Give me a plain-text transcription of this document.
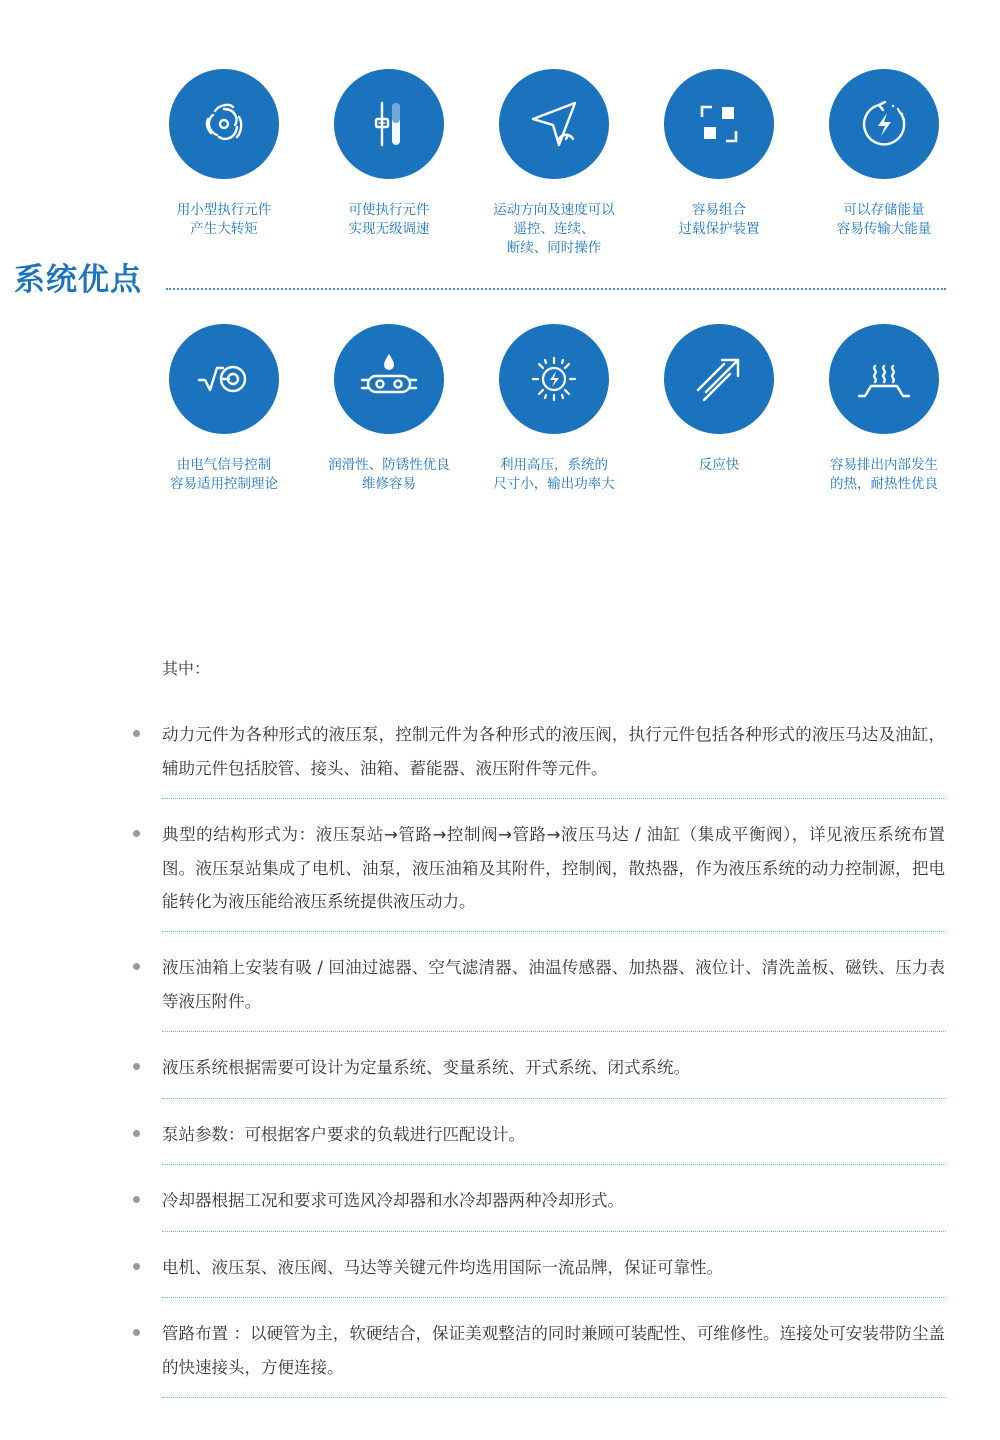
系统优点
用小型执行元件
产生大转矩
可使执行元件
实现无级调速
运动方向及速度可以
遥控、连续、
断续、同时操作
容易组合
过载保护装置
可以存储能量
容易传输大能量
由电气信号控制
容易适用控制理论
润滑性、防锈性优良
维修容易
利用高压，系统的
尺寸小，输出功率大
反应快	容易排出内部发生
的热，耐热性优良
其中：
动力元件为各种形式的液压泵，控制元件为各种形式的液压阀，执行元件包括各种形式的液压马达及油缸，辅助元件包括胶管、接头、油箱、蓄能器、液压附件等元件。
典型的结构形式为：液压泵站→管路→控制阀→管路→液压马达 / 油缸（集成平衡阀），详见液压系统布置图。液压泵站集成了电机、油泵，液压油箱及其附件，控制阀，散热器，作为液压系统的动力控制源，把电能转化为液压能给液压系统提供液压动力。
液压油箱上安装有吸 / 回油过滤器、空气滤清器、油温传感器、加热器、液位计、清洗盖板、磁铁、压力表等液压附件。
液压系统根据需要可设计为定量系统、变量系统、开式系统、闭式系统。
泵站参数：可根据客户要求的负载进行匹配设计。
冷却器根据工况和要求可选风冷却器和水冷却器两种冷却形式。
电机、液压泵、液压阀、马达等关键元件均选用国际一流品牌，保证可靠性。
管路布置 ：以硬管为主，软硬结合，保证美观整洁的同时兼顾可装配性、可维修性。连接处可安装带防尘盖的快速接头，方便连接。
